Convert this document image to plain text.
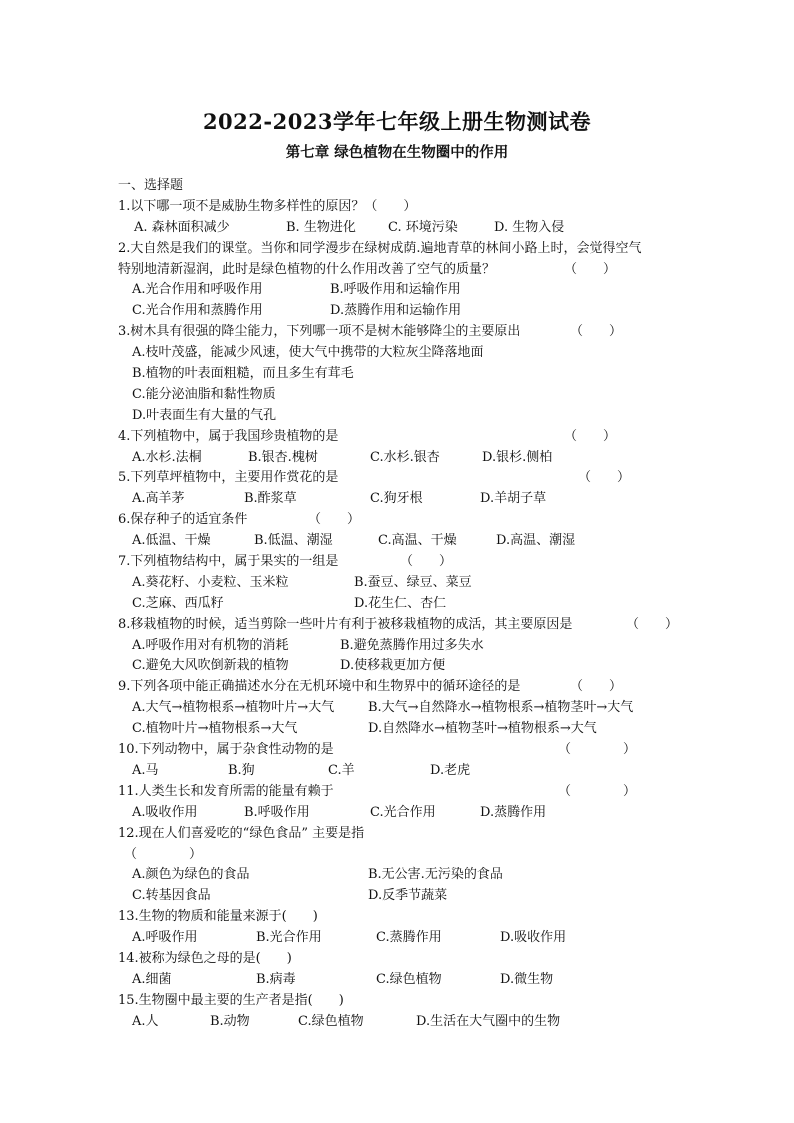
2022-2023学年七年级上册生物测试卷
第七章 绿色植物在生物圈中的作用
一、选择题
1.以下哪一项不是威胁生物多样性的原因？（　　）
A. 森林面积减少	B. 生物进化 C. 环境污染	D. 生物入侵
2.大自然是我们的课堂。当你和同学漫步在绿树成荫.遍地青草的林间小路上时，会觉得空气
特别地清新湿润，此时是绿色植物的什么作用改善了空气的质量？	（　　）
A.光合作用和呼吸作用	B.呼吸作用和运输作用
C.光合作用和蒸腾作用	D.蒸腾作用和运输作用
3.树木具有很强的降尘能力，下列哪一项不是树木能够降尘的主要原出	（　　）
A.枝叶茂盛，能减少风速，使大气中携带的大粒灰尘降落地面
B.植物的叶表面粗糙，而且多生有茸毛
C.能分泌油脂和黏性物质
D.叶表面生有大量的气孔
4.下列植物中，属于我国珍贵植物的是	（　　）
A.水杉.法桐	B.银杏.槐树	C.水杉.银杏	D.银杉.侧柏
5.下列草坪植物中，主要用作赏花的是	（　　）
A.高羊茅	B.酢浆草	C.狗牙根	D.羊胡子草
6.保存种子的适宜条件	（　　）
A.低温、干燥	B.低温、潮湿	C.高温、干燥	D.高温、潮湿
7.下列植物结构中，属于果实的一组是	（　　）
A.葵花籽、小麦粒、玉米粒	B.蚕豆、绿豆、菜豆
C.芝麻、西瓜籽	D.花生仁、杏仁
8.移栽植物的时候，适当剪除一些叶片有利于被移栽植物的成活，其主要原因是	（　　）
A.呼吸作用对有机物的消耗	B.避免蒸腾作用过多失水
C.避免大风吹倒新栽的植物	D.使移栽更加方便
9.下列各项中能正确描述水分在无机环境中和生物界中的循环途径的是	（　　）
A.大气→植物根系→植物叶片→大气	B.大气→自然降水→植物根系→植物茎叶→大气
C.植物叶片→植物根系→大气	D.自然降水→植物茎叶→植物根系→大气
10.下列动物中，属于杂食性动物的是	（　　　　）
A.马	B.狗	C.羊	D.老虎
11.人类生长和发育所需的能量有赖于	（　　　　）
A.吸收作用	B.呼吸作用	C.光合作用	D.蒸腾作用
12.现在人们喜爱吃的“绿色食品” 主要是指
（　　　　）
A.颜色为绿色的食品	B.无公害.无污染的食品
C.转基因食品	D.反季节蔬菜
13.生物的物质和能量来源于(　　)
A.呼吸作用	B.光合作用	C.蒸腾作用	D.吸收作用
14.被称为绿色之母的是(　　)
A.细菌	B.病毒	C.绿色植物	D.微生物
15.生物圈中最主要的生产者是指(　　)
A.人	B.动物	C.绿色植物	D.生活在大气圈中的生物
